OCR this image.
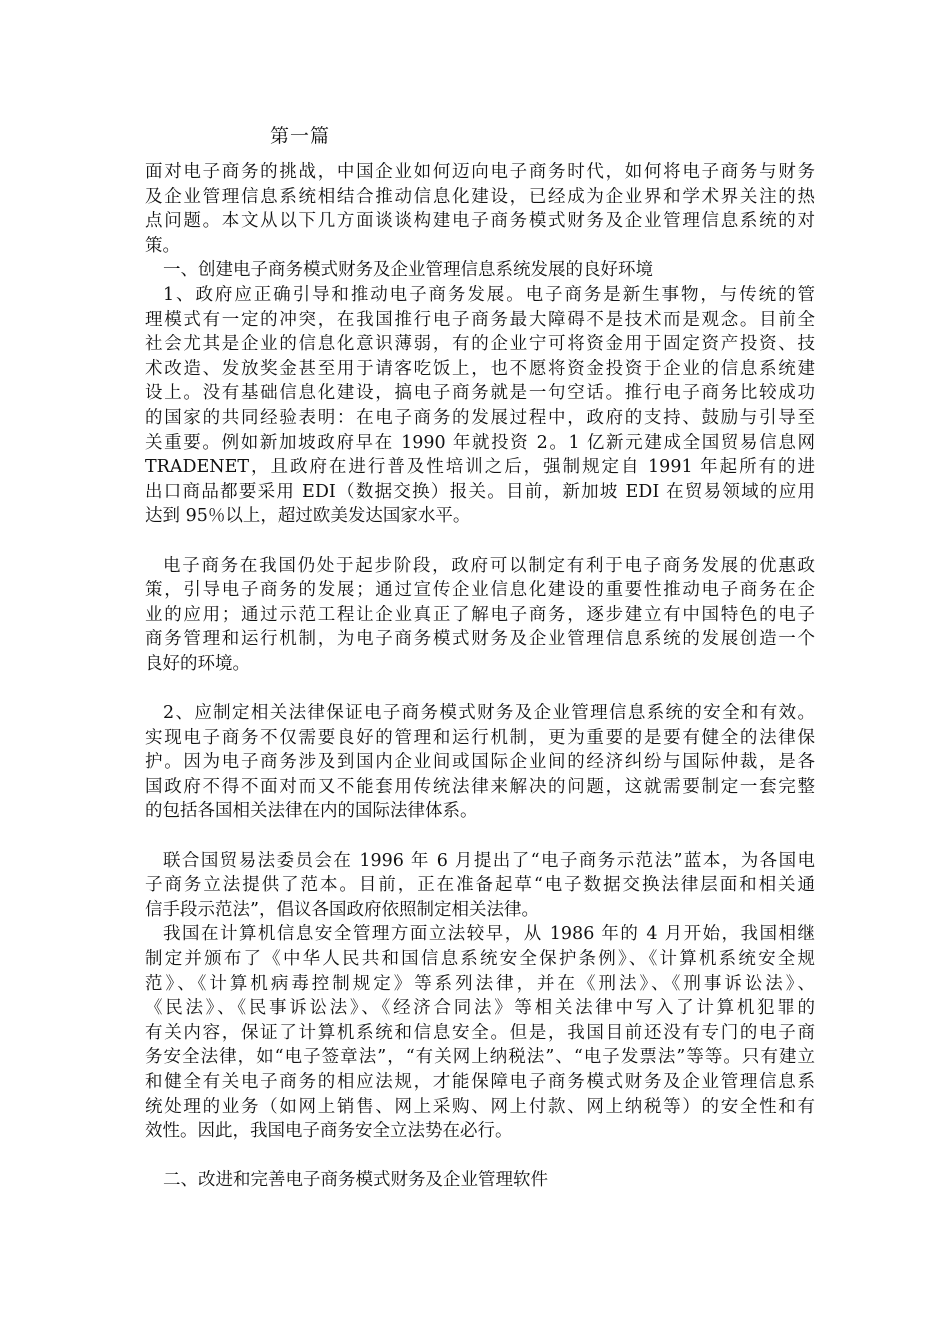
第一篇

面对电子商务的挑战，中国企业如何迈向电子商务时代，如何将电子商务与财务
及企业管理信息系统相结合推动信息化建设，已经成为企业界和学术界关注的热
点问题。本文从以下几方面谈谈构建电子商务模式财务及企业管理信息系统的对
策。

一、创建电子商务模式财务及企业管理信息系统发展的良好环境

1、政府应正确引导和推动电子商务发展。电子商务是新生事物，与传统的管
理模式有一定的冲突，在我国推行电子商务最大障碍不是技术而是观念。目前全
社会尤其是企业的信息化意识薄弱，有的企业宁可将资金用于固定资产投资、技
术改造、发放奖金甚至用于请客吃饭上，也不愿将资金投资于企业的信息系统建
设上。没有基础信息化建设，搞电子商务就是一句空话。推行电子商务比较成功
的国家的共同经验表明：在电子商务的发展过程中，政府的支持、鼓励与引导至
关重要。例如新加坡政府早在 1990 年就投资 2。1 亿新元建成全国贸易信息网
TRADENET，且政府在进行普及性培训之后，强制规定自 1991 年起所有的进
出口商品都要采用 EDI（数据交换）报关。目前，新加坡 EDI 在贸易领域的应用
达到 95％以上，超过欧美发达国家水平。

电子商务在我国仍处于起步阶段，政府可以制定有利于电子商务发展的优惠政
策，引导电子商务的发展；通过宣传企业信息化建设的重要性推动电子商务在企
业的应用；通过示范工程让企业真正了解电子商务，逐步建立有中国特色的电子
商务管理和运行机制，为电子商务模式财务及企业管理信息系统的发展创造一个
良好的环境。

2、应制定相关法律保证电子商务模式财务及企业管理信息系统的安全和有效。
实现电子商务不仅需要良好的管理和运行机制，更为重要的是要有健全的法律保
护。因为电子商务涉及到国内企业间或国际企业间的经济纠纷与国际仲裁，是各
国政府不得不面对而又不能套用传统法律来解决的问题，这就需要制定一套完整
的包括各国相关法律在内的国际法律体系。

联合国贸易法委员会在 1996 年 6 月提出了“电子商务示范法”蓝本，为各国电
子商务立法提供了范本。目前，正在准备起草“电子数据交换法律层面和相关通
信手段示范法”，倡议各国政府依照制定相关法律。

我国在计算机信息安全管理方面立法较早，从 1986 年的 4 月开始，我国相继
制定并颁布了《中华人民共和国信息系统安全保护条例》、《计算机系统安全规
范》、《计算机病毒控制规定》等系列法律，并在《刑法》、《刑事诉讼法》、
《民法》、《民事诉讼法》、《经济合同法》等相关法律中写入了计算机犯罪的
有关内容，保证了计算机系统和信息安全。但是，我国目前还没有专门的电子商
务安全法律，如“电子签章法”，“有关网上纳税法”、“电子发票法”等等。只有建立
和健全有关电子商务的相应法规，才能保障电子商务模式财务及企业管理信息系
统处理的业务（如网上销售、网上采购、网上付款、网上纳税等）的安全性和有
效性。因此，我国电子商务安全立法势在必行。

二、改进和完善电子商务模式财务及企业管理软件
